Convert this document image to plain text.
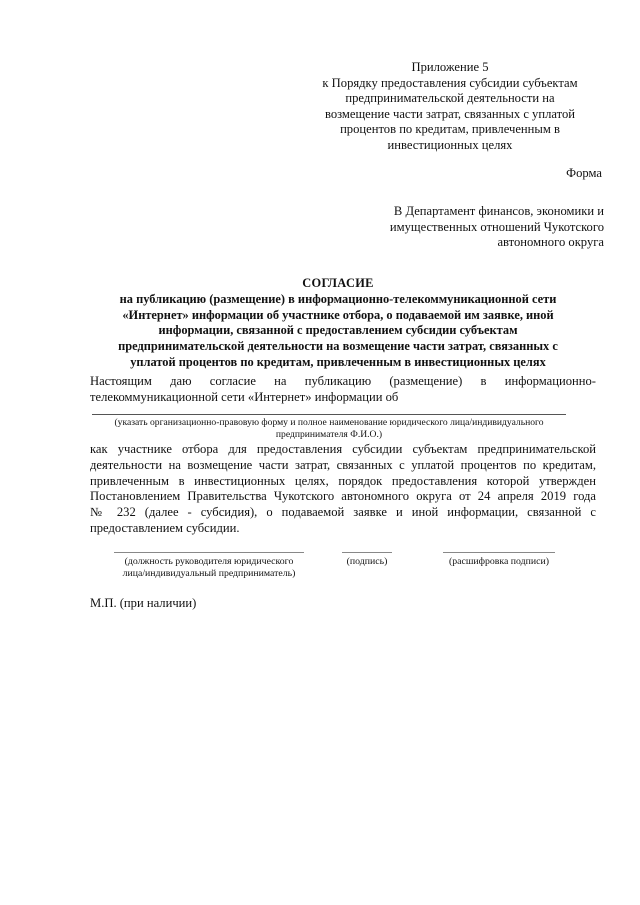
Приложение 5
к Порядку предоставления субсидии субъектам
предпринимательской деятельности на
возмещение части затрат, связанных с уплатой
процентов по кредитам, привлеченным в
инвестиционных целях
Форма
В Департамент финансов, экономики и
имущественных отношений Чукотского
автономного округа
СОГЛАСИЕ
на публикацию (размещение) в информационно-телекоммуникационной сети
«Интернет» информации об участнике отбора, о подаваемой им заявке, иной
информации, связанной с предоставлением субсидии субъектам
предпринимательской деятельности на возмещение части затрат, связанных с
уплатой процентов по кредитам, привлеченным в инвестиционных целях
Настоящим даю согласие на публикацию (размещение) в информационно-
телекоммуникационной сети «Интернет» информации об
(указать организационно-правовую форму и полное наименование юридического лица/индивидуального
предпринимателя Ф.И.О.)
как участнике отбора для предоставления субсидии субъектам предпринимательской
деятельности на возмещение части затрат, связанных с уплатой процентов по кредитам,
привлеченным в инвестиционных целях, порядок предоставления которой утвержден
Постановлением Правительства Чукотского автономного округа от 24 апреля 2019 года
№ 232 (далее - субсидия), о подаваемой заявке и иной информации, связанной с
предоставлением субсидии.
(должность руководителя юридического
лица/индивидуальный предприниматель)
(подпись)	(расшифровка подписи)
М.П. (при наличии)
